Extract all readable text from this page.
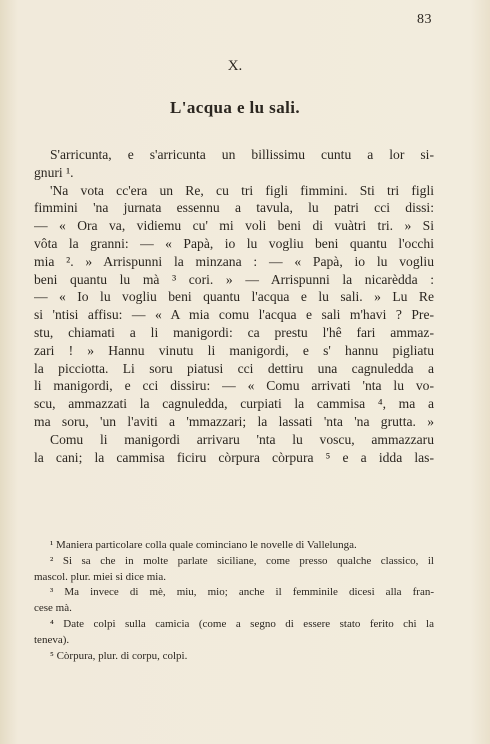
83
X.
L'acqua e lu sali.
S'arricunta, e s'arricunta un billissimu cuntu a lor si-
gnuri ¹.
'Na vota cc'era un Re, cu tri figli fimmini. Sti tri figli
fimmini 'na jurnata essennu a tavula, lu patri cci dissi:
— « Ora va, vidiemu cu' mi voli beni di vuàtri tri. » Si
vôta la granni: — « Papà, io lu vogliu beni quantu l'occhi
mia ². » Arrispunni la minzana : — « Papà, io lu vogliu
beni quantu lu mà ³ cori. » — Arrispunni la nicarèdda :
— « Io lu vogliu beni quantu l'acqua e lu sali. » Lu Re
si 'ntisi affisu: — « A mia comu l'acqua e sali m'havi ? Pre-
stu, chiamati a li manigordi: ca prestu l'hê fari ammaz-
zari ! » Hannu vinutu li manigordi, e s' hannu pigliatu
la picciotta. Li soru piatusi cci dettiru una cagnuledda a
li manigordi, e cci dissiru: — « Comu arrivati 'nta lu vo-
scu, ammazzati la cagnuledda, curpiati la cammisa ⁴, ma a
ma soru, 'un l'aviti a 'mmazzari; la lassati 'nta 'na grutta. »
Comu li manigordi arrivaru 'nta lu voscu, ammazzaru
la cani; la cammisa ficiru còrpura còrpura ⁵ e a idda las-
¹ Maniera particolare colla quale cominciano le novelle di Vallelunga.
² Si sa che in molte parlate siciliane, come presso qualche classico, il
mascol. plur. miei si dice mia.
³ Ma invece di mè, miu, mio; anche il femminile dicesi alla fran-
cese mà.
⁴ Date colpi sulla camicia (come a segno di essere stato ferito chi la
teneva).
⁵ Còrpura, plur. di corpu, colpi.
